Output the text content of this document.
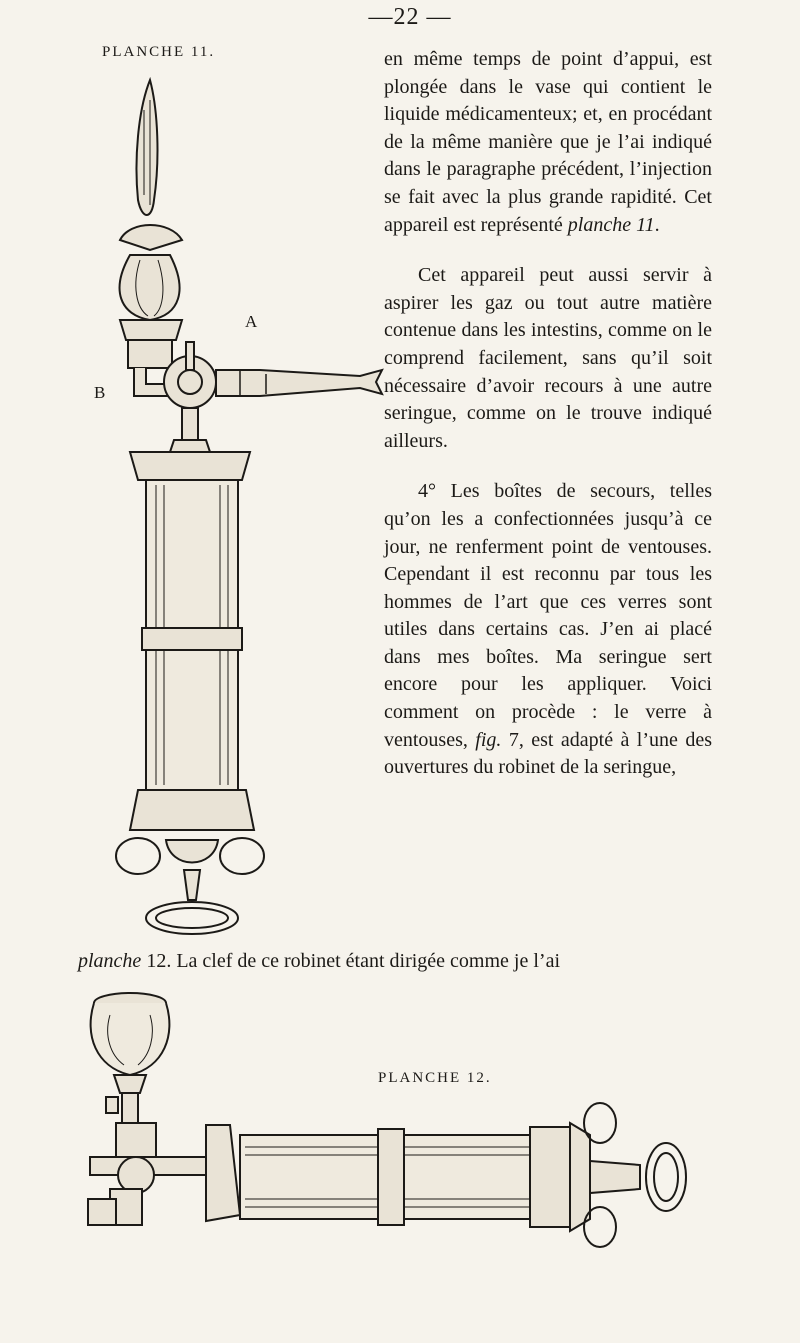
—22 —
PLANCHE 11.
A
B

en même temps de point d’appui, est plongée dans le vase qui contient le liquide médicamenteux; et, en procédant de la même manière que je l’ai indiqué dans le paragraphe précédent, l’injection se fait avec la plus grande rapidité. Cet appareil est représenté planche 11.

Cet appareil peut aussi servir à aspirer les gaz ou tout autre matière contenue dans les intestins, comme on le comprend facilement, sans qu’il soit nécessaire d’avoir recours à une autre seringue, comme on le trouve indiqué ailleurs.

4° Les boîtes de secours, telles qu’on les a confectionnées jusqu’à ce jour, ne renferment point de ventouses. Cependant il est reconnu par tous les hommes de l’art que ces verres sont utiles dans certains cas. J’en ai placé dans mes boîtes. Ma seringue sert encore pour les appliquer. Voici comment on procède : le verre à ventouses, fig. 7, est adapté à l’une des ouvertures du robinet de la seringue,

planche 12. La clef de ce robinet étant dirigée comme je l’ai
PLANCHE 12.
